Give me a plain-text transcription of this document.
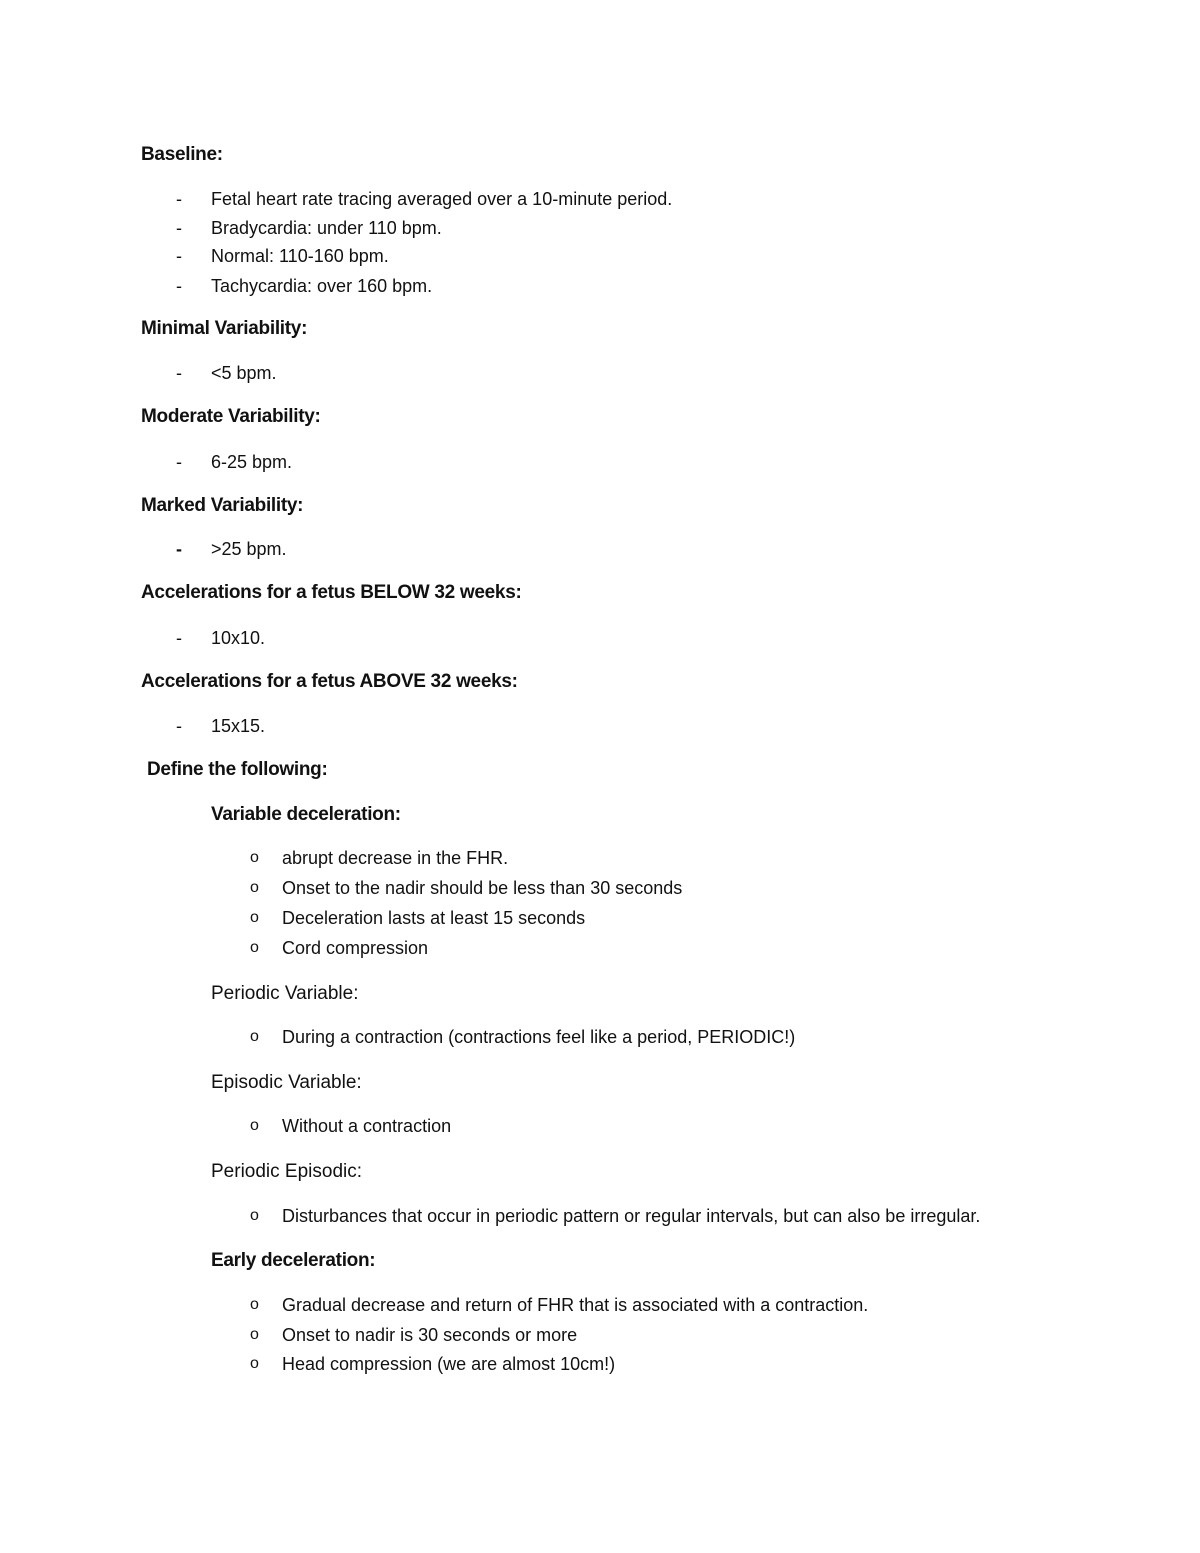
Baseline:
- Fetal heart rate tracing averaged over a 10-minute period.
- Bradycardia: under 110 bpm.
- Normal: 110-160 bpm.
- Tachycardia: over 160 bpm.
Minimal Variability:
- <5 bpm.
Moderate Variability:
- 6-25 bpm.
Marked Variability:
- >25 bpm.
Accelerations for a fetus BELOW 32 weeks:
- 10x10.
Accelerations for a fetus ABOVE 32 weeks:
- 15x15.
Define the following:
Variable deceleration:
o abrupt decrease in the FHR.
o Onset to the nadir should be less than 30 seconds
o Deceleration lasts at least 15 seconds
o Cord compression
Periodic Variable:
o During a contraction (contractions feel like a period, PERIODIC!)
Episodic Variable:
o Without a contraction
Periodic Episodic:
o Disturbances that occur in periodic pattern or regular intervals, but can also be irregular.
Early deceleration:
o Gradual decrease and return of FHR that is associated with a contraction.
o Onset to nadir is 30 seconds or more
o Head compression (we are almost 10cm!)
